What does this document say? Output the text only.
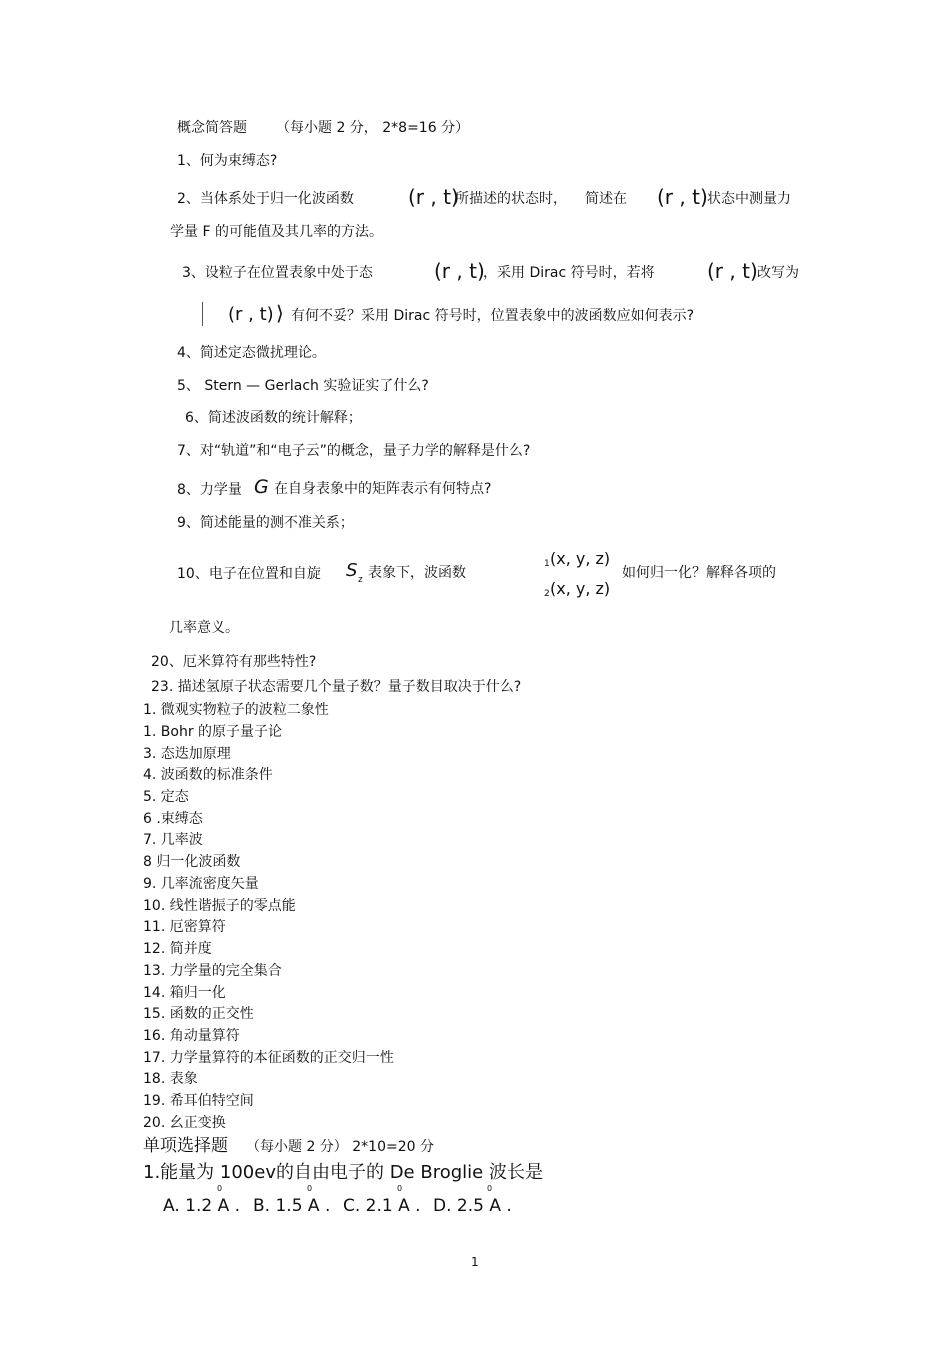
概念简答题 （每小题 2 分， 2*8=16 分）
1、何为束缚态?
2、当体系处于归一化波函数	(r , t)
所描述的状态时， 简述在 (r , t) 状态中测量力
学量 F 的可能值及其几率的方法。
3、设粒子在位置表象中处于态	(r , t)
，采用 Dirac 符号时，若将	(r , t) 改写为
(r , t) ⟩ 有何不妥？采用 Dirac 符号时，位置表象中的波函数应如何表示?
4、简述定态微扰理论。
5、 Stern — Gerlach 实验证实了什么?
6、简述波函数的统计解释；
7、对“轨道”和“电子云”的概念，量子力学的解释是什么?
8、力学量 G 在自身表象中的矩阵表示有何特点?
9、简述能量的测不准关系；
10、电子在位置和自旋 S z 表象下，波函数
1 (x, y, z)
如何归一化？解释各项的
2 (x, y, z)
几率意义。
20、厄米算符有那些特性?
23. 描述氢原子状态需要几个量子数？量子数目取决于什么?
1. 微观实物粒子的波粒二象性
1. Bohr 的原子量子论
3. 态迭加原理
4. 波函数的标准条件
5. 定态
6 .束缚态
7. 几率波
8 归一化波函数
9. 几率流密度矢量
10. 线性谐振子的零点能
11. 厄密算符
12. 简并度
13. 力学量的完全集合
14. 箱归一化
15. 函数的正交性
16. 角动量算符
17. 力学量算符的本征函数的正交归一性
18. 表象
19. 希耳伯特空间
20. 幺正变换
单项选择题 （每小题 2 分） 2*10=20 分
1.能量为 100ev的自由电子的 De Broglie 波长是
0	0	0	0
A. 1.2 A . B. 1.5 A . C. 2.1 A . D. 2.5 A .
1
